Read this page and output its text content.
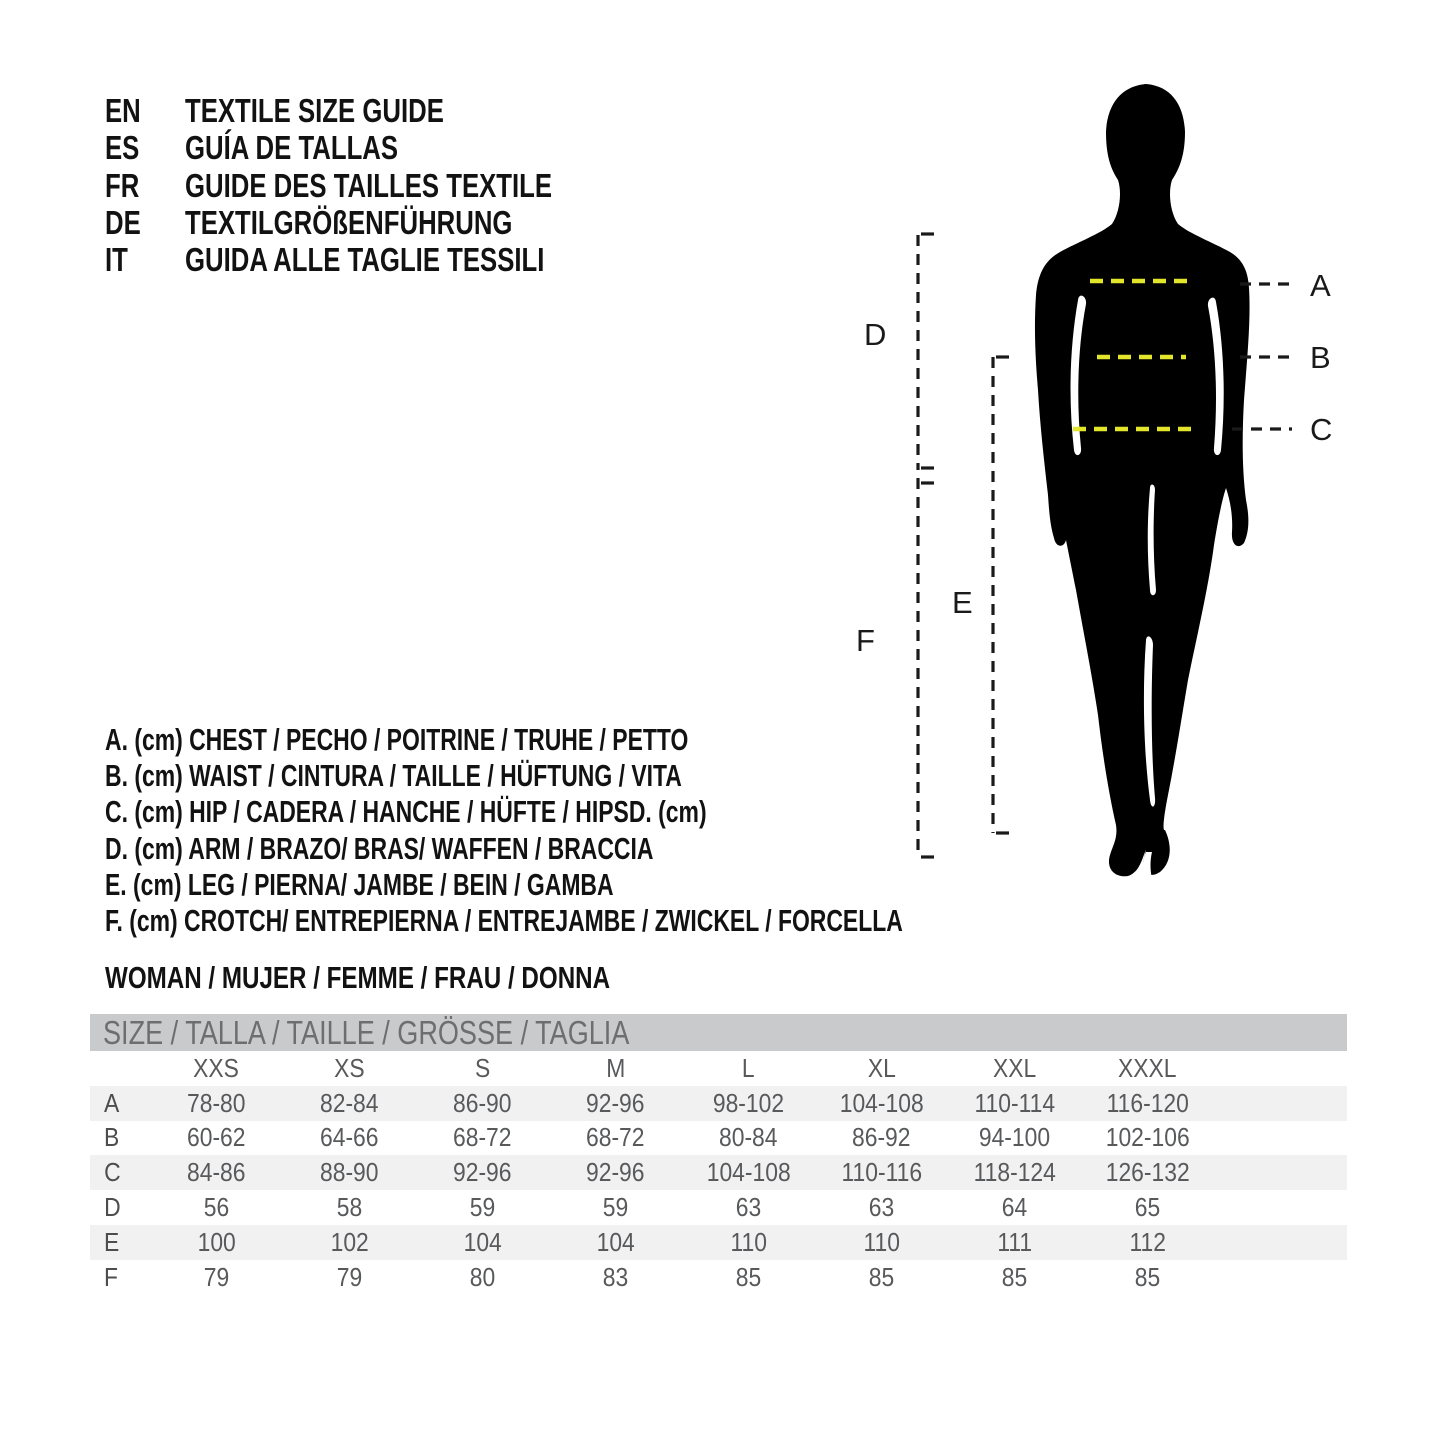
EN	TEXTILE SIZE GUIDE
ES GUÍA DE TALLAS
FR GUIDE DES TAILLES TEXTILE
DE	TEXTILGRÖßENFÜHRUNG
IT GUIDA ALLE TAGLIE TESSILI
A
B
C
D
E
F
A. (cm) CHEST / PECHO / POITRINE / TRUHE / PETTO
B. (cm) WAIST / CINTURA / TAILLE / HÜFTUNG / VITA
C. (cm) HIP / CADERA / HANCHE / HÜFTE / HIPSD. (cm)
D. (cm) ARM / BRAZO/ BRAS/ WAFFEN / BRACCIA
E. (cm) LEG / PIERNA/ JAMBE / BEIN / GAMBA
F. (cm) CROTCH/ ENTREPIERNA / ENTREJAMBE / ZWICKEL / FORCELLA
WOMAN / MUJER / FEMME / FRAU / DONNA
SIZE / TALLA / TAILLE / GRÖSSE / TAGLIA
XXS	XS	S	M	L	XL	XXL	XXXL
A	78-80	82-84	86-90	92-96	98-102	104-108	110-114	116-120
B	60-62	64-66	68-72	68-72	80-84	86-92	94-100	102-106
C	84-86	88-90	92-96	92-96	104-108	110-116	118-124	126-132
D	56	58	59	59	63	63	64	65
E	100	102	104	104	110	110	111	112
F	79	79	80	83	85	85	85	85
